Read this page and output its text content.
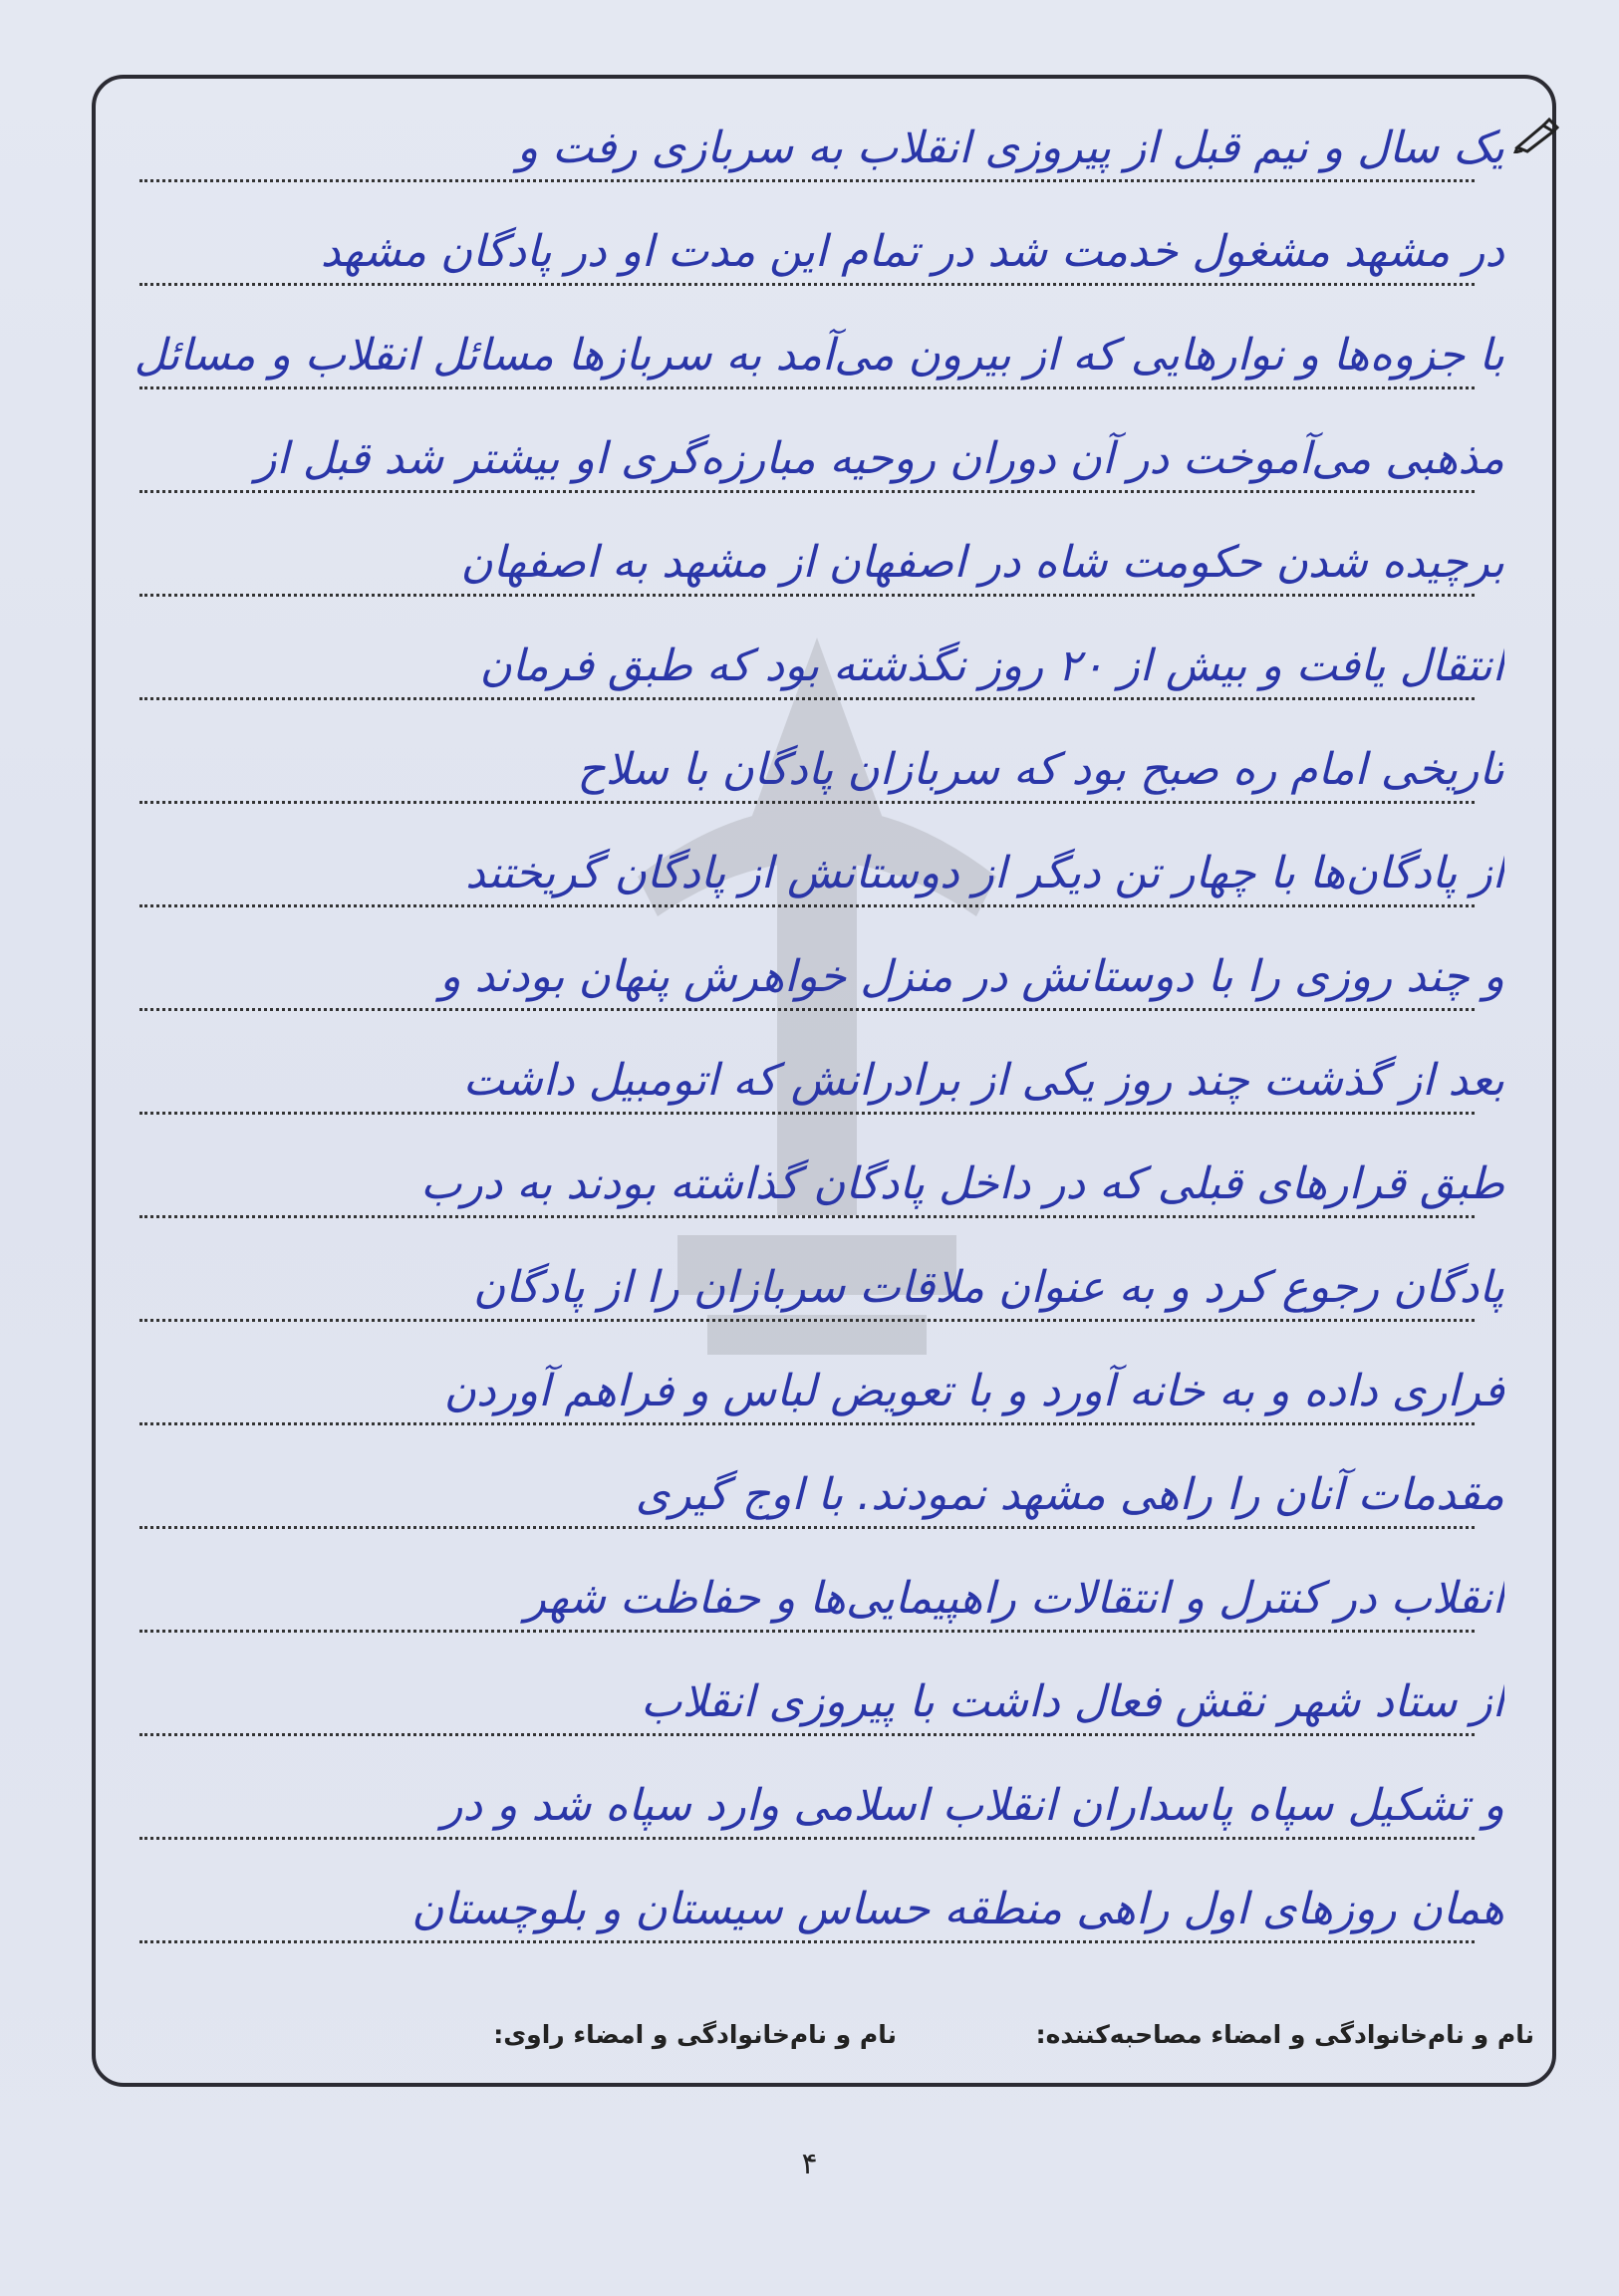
یک سال و نیم قبل از پیروزی انقلاب به سربازی رفت و
در مشهد مشغول خدمت شد در تمام این مدت او در پادگان مشهد
با جزوه‌ها و نوارهایی که از بیرون می‌آمد به سربازها مسائل انقلاب و مسائل
مذهبی می‌آموخت در آن دوران روحیه مبارزه‌گری او بیشتر شد قبل از
برچیده شدن حکومت شاه در اصفهان از مشهد به اصفهان
انتقال یافت و بیش از ۲۰ روز نگذشته بود که طبق فرمان
تاریخی امام ره صبح بود که سربازان پادگان با سلاح
از پادگان‌ها با چهار تن دیگر از دوستانش از پادگان گریختند
و چند روزی را با دوستانش در منزل خواهرش پنهان بودند و
بعد از گذشت چند روز یکی از برادرانش که اتومبیل داشت
طبق قرارهای قبلی که در داخل پادگان گذاشته بودند به درب
پادگان رجوع کرد و به عنوان ملاقات سربازان را از پادگان
فراری داده و به خانه آورد و با تعویض لباس و فراهم آوردن
مقدمات آنان را راهی مشهد نمودند. با اوج گیری
انقلاب در کنترل و انتقالات راهپیمایی‌ها و حفاظت شهر
از ستاد شهر نقش فعال داشت با پیروزی انقلاب
و تشکیل سپاه پاسداران انقلاب اسلامی وارد سپاه شد و در
همان روزهای اول راهی منطقه حساس سیستان و بلوچستان
نام و نام‌خانوادگی و امضاء مصاحبه‌کننده:
نام و نام‌خانوادگی و امضاء راوی:
۴
